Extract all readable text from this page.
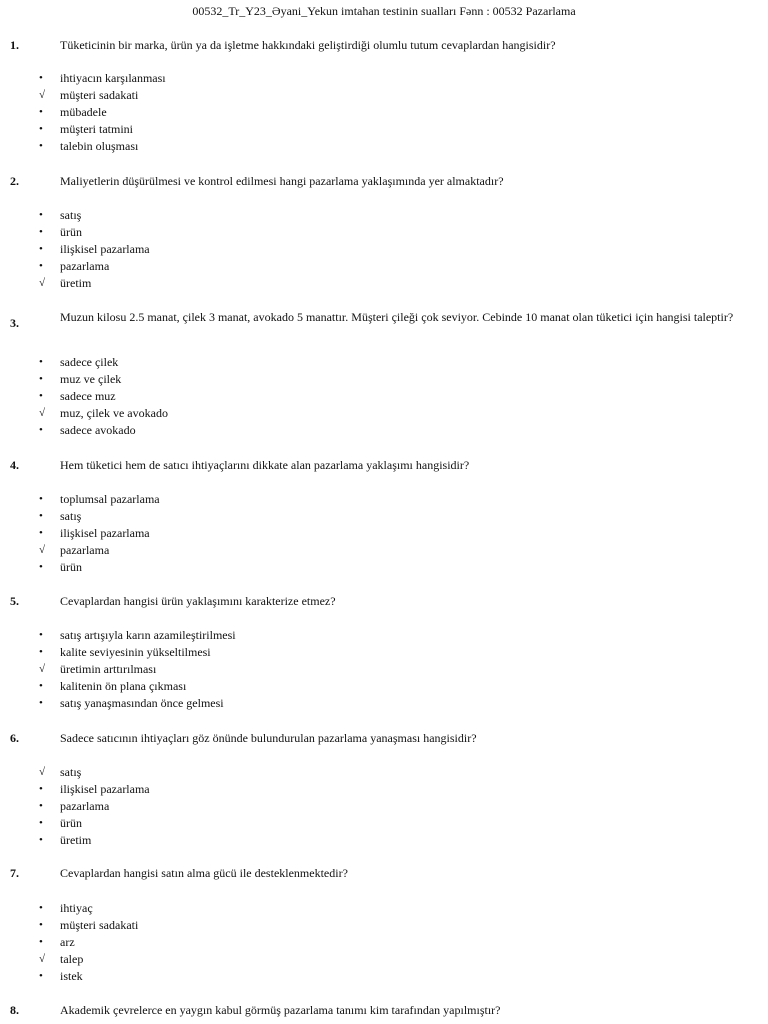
00532_Tr_Y23_Əyani_Yekun imtahan testinin sualları Fənn : 00532 Pazarlama
1.	Tüketicinin bir marka, ürün ya da işletme hakkındaki geliştirdiği olumlu tutum cevaplardan hangisidir?
•	ihtiyacın karşılanması
√	müşteri sadakati
•	mübadele
•	müşteri tatmini
•	talebin oluşması
2.	Maliyetlerin düşürülmesi ve kontrol edilmesi hangi pazarlama yaklaşımında yer almaktadır?
•	satış
•	ürün
•	ilişkisel pazarlama
•	pazarlama
√	üretim
3.	Muzun kilosu 2.5 manat, çilek 3 manat, avokado 5 manattır. Müşteri çileği çok seviyor. Cebinde 10 manat olan tüketici için hangisi taleptir?
•	sadece çilek
•	muz ve çilek
•	sadece muz
√	muz, çilek ve avokado
•	sadece avokado
4.	Hem tüketici hem de satıcı ihtiyaçlarını dikkate alan pazarlama yaklaşımı hangisidir?
•	toplumsal pazarlama
•	satış
•	ilişkisel pazarlama
√	pazarlama
•	ürün
5.	Cevaplardan hangisi ürün yaklaşımını karakterize etmez?
•	satış artışıyla karın azamileştirilmesi
•	kalite seviyesinin yükseltilmesi
√	üretimin arttırılması
•	kalitenin ön plana çıkması
•	satış yanaşmasından önce gelmesi
6.	Sadece satıcının ihtiyaçları göz önünde bulundurulan pazarlama yanaşması hangisidir?
√	satış
•	ilişkisel pazarlama
•	pazarlama
•	ürün
•	üretim
7.	Cevaplardan hangisi satın alma gücü ile desteklenmektedir?
•	ihtiyaç
•	müşteri sadakati
•	arz
√	talep
•	istek
8.	Akademik çevrelerce en yaygın kabul görmüş pazarlama tanımı kim tarafından yapılmıştır?
